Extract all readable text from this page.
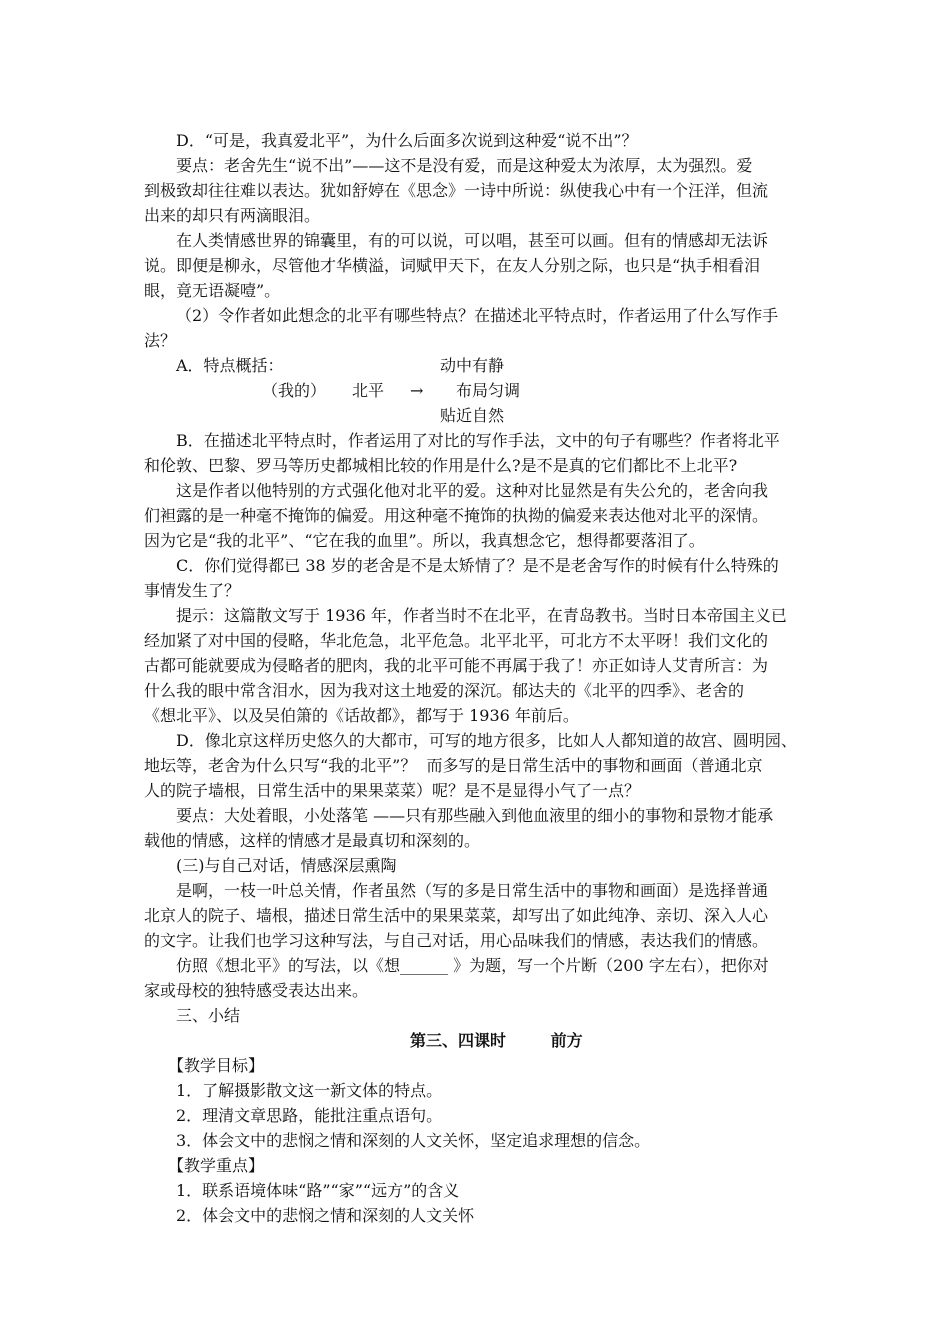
D．“可是，我真爱北平”，为什么后面多次说到这种爱“说不出”？
要点：老舍先生“说不出”——这不是没有爱，而是这种爱太为浓厚，太为强烈。爱
到极致却往往难以表达。犹如舒婷在《思念》一诗中所说：纵使我心中有一个汪洋，但流
出来的却只有两滴眼泪。
在人类情感世界的锦囊里，有的可以说，可以唱，甚至可以画。但有的情感却无法诉
说。即便是柳永，尽管他才华横溢，词赋甲天下，在友人分别之际，也只是“执手相看泪
眼，竟无语凝噎”。
（2）令作者如此想念的北平有哪些特点？在描述北平特点时，作者运用了什么写作手
法？
A．特点概括：	动中有静
（我的） 北平 → 布局匀调
贴近自然
B．在描述北平特点时，作者运用了对比的写作手法，文中的句子有哪些？作者将北平
和伦敦、巴黎、罗马等历史都城相比较的作用是什么?是不是真的它们都比不上北平?
这是作者以他特别的方式强化他对北平的爱。这种对比显然是有失公允的，老舍向我
们袒露的是一种毫不掩饰的偏爱。用这种毫不掩饰的执拗的偏爱来表达他对北平的深情。
因为它是“我的北平”、“它在我的血里”。所以，我真想念它，想得都要落泪了。
C．你们觉得都已 38 岁的老舍是不是太矫情了？是不是老舍写作的时候有什么特殊的
事情发生了？
提示：这篇散文写于 1936 年，作者当时不在北平，在青岛教书。当时日本帝国主义已
经加紧了对中国的侵略，华北危急，北平危急。北平北平，可北方不太平呀！我们文化的
古都可能就要成为侵略者的肥肉，我的北平可能不再属于我了！亦正如诗人艾青所言：为
什么我的眼中常含泪水，因为我对这土地爱的深沉。郁达夫的《北平的四季》、老舍的
《想北平》、以及吴伯箫的《话故都》，都写于 1936 年前后。
D．像北京这样历史悠久的大都市，可写的地方很多，比如人人都知道的故宫、圆明园、
地坛等，老舍为什么只写“我的北平”？  而多写的是日常生活中的事物和画面（普通北京
人的院子墙根，日常生活中的果果菜菜）呢？是不是显得小气了一点？
要点：大处着眼，小处落笔 ——只有那些融入到他血液里的细小的事物和景物才能承
载他的情感，这样的情感才是最真切和深刻的。
(三)与自己对话，情感深层熏陶
是啊，一枝一叶总关情，作者虽然（写的多是日常生活中的事物和画面）是选择普通
北京人的院子、墙根，描述日常生活中的果果菜菜，却写出了如此纯净、亲切、深入人心
的文字。让我们也学习这种写法，与自己对话，用心品味我们的情感，表达我们的情感。
仿照《想北平》的写法，以《想______ 》为题，写一个片断（200 字左右），把你对
家或母校的独特感受表达出来。
三、小结
第三、四课时        前方
【教学目标】
1．了解摄影散文这一新文体的特点。
2．理清文章思路，能批注重点语句。
3．体会文中的悲悯之情和深刻的人文关怀，坚定追求理想的信念。
【教学重点】
1．联系语境体味“路”“家”“远方”的含义
2．体会文中的悲悯之情和深刻的人文关怀
